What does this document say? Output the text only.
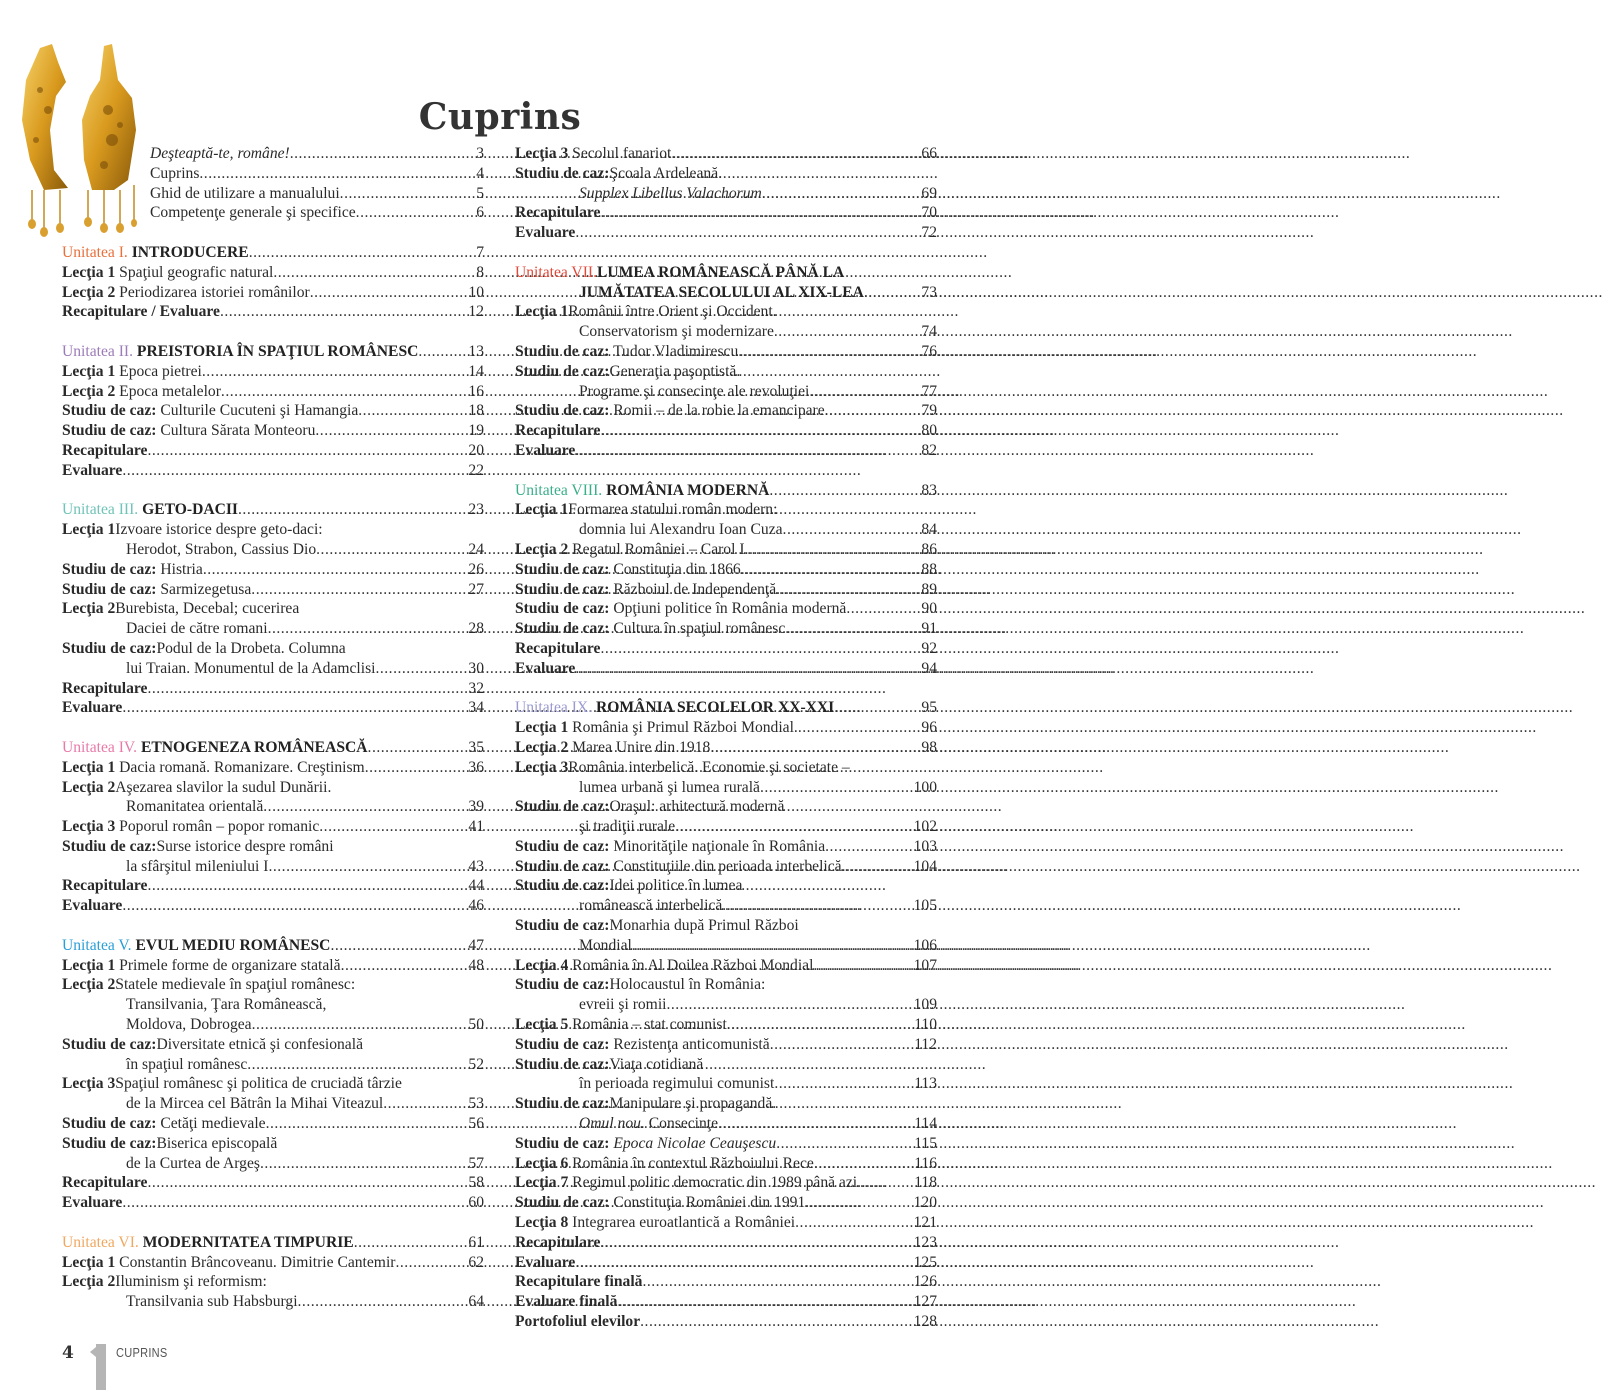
Cuprins
Deşteaptă-te, române! .....	3
Cuprins .....	4
Ghid de utilizare a manualului .....	5
Competenţe generale şi specifice .....	6
Unitatea I. INTRODUCERE .....	7
Lecţia 1 Spaţiul geografic natural .....	8
Lecţia 2 Periodizarea istoriei românilor .....	10
Recapitulare / Evaluare .....	12
Unitatea II. PREISTORIA ÎN SPAŢIUL ROMÂNESC .....	13
Lecţia 1 Epoca pietrei .....	14
Lecţia 2 Epoca metalelor .....	16
Studiu de caz: Culturile Cucuteni şi Hamangia .....	18
Studiu de caz: Cultura Sărata Monteoru .....	19
Recapitulare .....	20
Evaluare .....	22
Unitatea III. GETO-DACII .....	23
Lecţia 1 Izvoare istorice despre geto-daci:
Herodot, Strabon, Cassius Dio .....	24
Studiu de caz: Histria .....	26
Studiu de caz: Sarmizegetusa .....	27
Lecţia 2 Burebista, Decebal; cucerirea
Daciei de către romani .....	28
Studiu de caz: Podul de la Drobeta. Columna
lui Traian. Monumentul de la Adamclisi .....	30
Recapitulare .....	32
Evaluare .....	34
Unitatea IV. ETNOGENEZA ROMÂNEASCĂ .....	35
Lecţia 1 Dacia romană. Romanizare. Creştinism .....	36
Lecţia 2 Aşezarea slavilor la sudul Dunării.
Romanitatea orientală .....	39
Lecţia 3 Poporul român – popor romanic .....	41
Studiu de caz: Surse istorice despre români
la sfârşitul mileniului I .....	43
Recapitulare .....	44
Evaluare .....	46
Unitatea V. EVUL MEDIU ROMÂNESC .....	47
Lecţia 1 Primele forme de organizare statală .....	48
Lecţia 2 Statele medievale în spaţiul românesc:
Transilvania, Ţara Românească,
Moldova, Dobrogea .....	50
Studiu de caz: Diversitate etnică şi confesională
în spaţiul românesc .....	52
Lecţia 3 Spaţiul românesc şi politica de cruciadă târzie
de la Mircea cel Bătrân la Mihai Viteazul .....	53
Studiu de caz: Cetăţi medievale .....	56
Studiu de caz: Biserica episcopală
de la Curtea de Argeş .....	57
Recapitulare .....	58
Evaluare .....	60
Unitatea VI. MODERNITATEA TIMPURIE .....	61
Lecţia 1 Constantin Brâncoveanu. Dimitrie Cantemir .....	62
Lecţia 2 Iluminism şi reformism:
Transilvania sub Habsburgi .....	64
Lecţia 3 Secolul fanariot .....	66
Studiu de caz: Şcoala Ardeleană.
Supplex Libellus Valachorum .....	69
Recapitulare .....	70
Evaluare .....	72
Unitatea VII. LUMEA ROMÂNEASCĂ PÂNĂ LA
JUMĂTATEA SECOLULUI AL XIX-LEA .....	73
Lecţia 1 Românii între Orient şi Occident.
Conservatorism şi modernizare .....	74
Studiu de caz: Tudor Vladimirescu .....	76
Studiu de caz: Generaţia paşoptistă.
Programe şi consecinţe ale revoluţiei .....	77
Studiu de caz: Romii – de la robie la emancipare .....	79
Recapitulare .....	80
Evaluare .....	82
Unitatea VIII. ROMÂNIA MODERNĂ .....	83
Lecţia 1 Formarea statului român modern:
domnia lui Alexandru Ioan Cuza .....	84
Lecţia 2 Regatul României – Carol I .....	86
Studiu de caz: Constituţia din 1866 .....	88
Studiu de caz: Războiul de Independenţă .....	89
Studiu de caz: Opţiuni politice în România modernă .....	90
Studiu de caz: Cultura în spaţiul românesc .....	91
Recapitulare .....	92
Evaluare .....	94
Unitatea IX. ROMÂNIA SECOLELOR XX-XXI .....	95
Lecţia 1 România şi Primul Război Mondial. .....	96
Lecţia 2 Marea Unire din 1918 .....	98
Lecţia 3 România interbelică. Economie şi societate –
lumea urbană şi lumea rurală .....	100
Studiu de caz: Oraşul: arhitectură modernă
şi tradiţii rurale .....	102
Studiu de caz: Minorităţile naţionale în România .....	103
Studiu de caz: Constituţiile din perioada interbelică .....	104
Studiu de caz: Idei politice în lumea
românească interbelică .....	105
Studiu de caz: Monarhia după Primul Război
Mondial .....	106
Lecţia 4 România în Al Doilea Război Mondial .....	107
Studiu de caz: Holocaustul în România:
evreii şi romii .....	109
Lecţia 5 România – stat comunist .....	110
Studiu de caz: Rezistenţa anticomunistă .....	112
Studiu de caz: Viaţa cotidiană
în perioada regimului comunist .....	113
Studiu de caz: Manipulare şi propagandă.
Omul nou. Consecinţe .....	114
Studiu de caz: Epoca Nicolae Ceauşescu .....	115
Lecţia 6 România în contextul Războiului Rece .....	116
Lecţia 7 Regimul politic democratic din 1989 până azi .....	118
Studiu de caz: Constituţia României din 1991 .....	120
Lecţia 8 Integrarea euroatlantică a României .....	121
Recapitulare .....	123
Evaluare .....	125
Recapitulare finală .....	126
Evaluare finală .....	127
Portofoliul elevilor .....	128
4	CUPRINS
